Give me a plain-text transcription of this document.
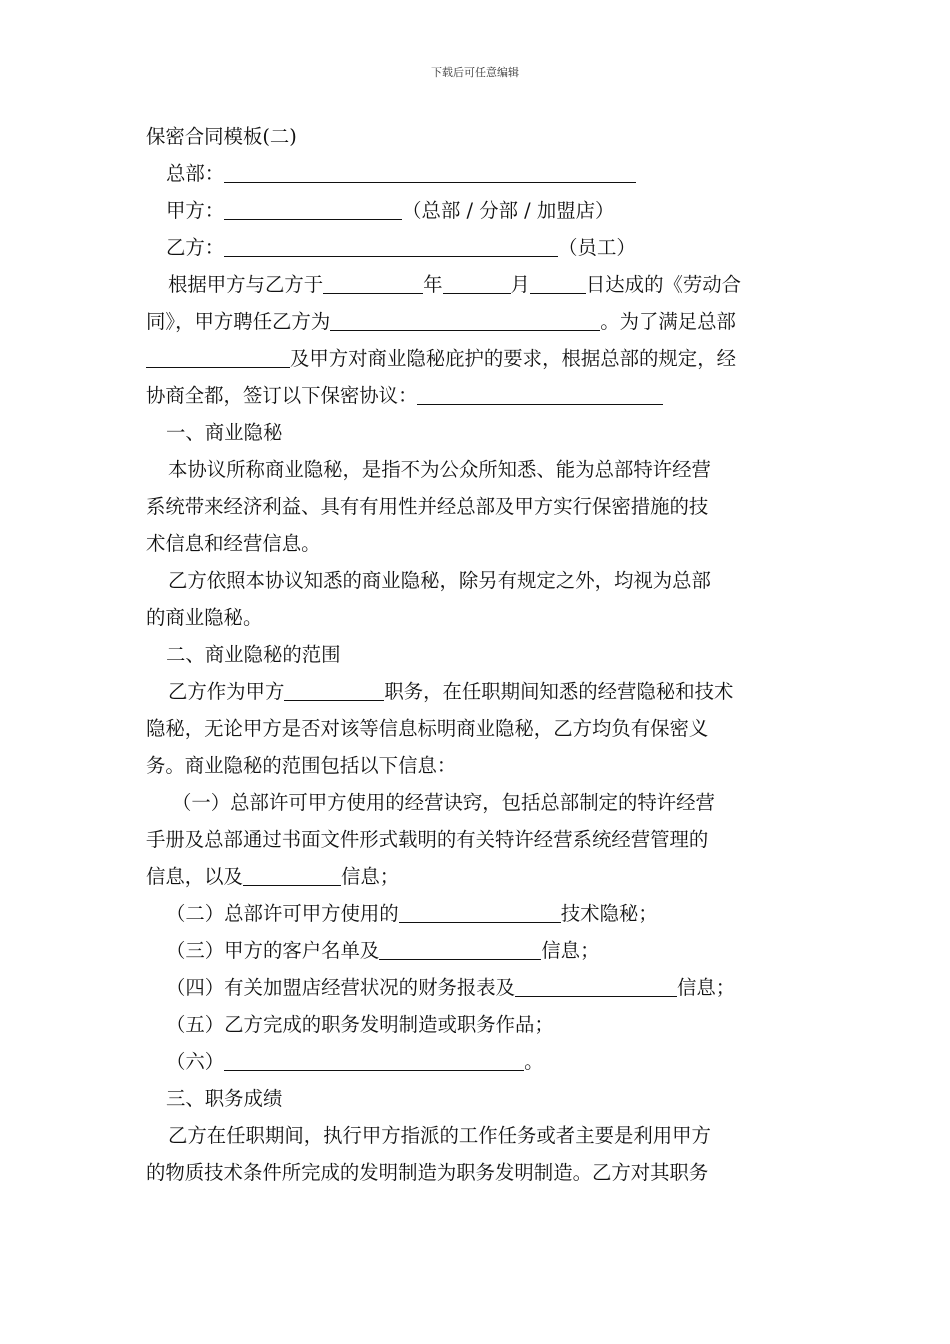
下载后可任意编辑
保密合同模板(二)
总部：
甲方：	（总部 / 分部 / 加盟店）
乙方：	（员工）
根据甲方与乙方于	年	月	日达成的《劳动合
同》，甲方聘任乙方为	。为了满足总部
及甲方对商业隐秘庇护的要求，根据总部的规定，经
协商全都，签订以下保密协议：
一、商业隐秘
本协议所称商业隐秘，是指不为公众所知悉、能为总部特许经营
系统带来经济利益、具有有用性并经总部及甲方实行保密措施的技
术信息和经营信息。
乙方依照本协议知悉的商业隐秘，除另有规定之外，均视为总部
的商业隐秘。
二、商业隐秘的范围
乙方作为甲方	职务，在任职期间知悉的经营隐秘和技术
隐秘，无论甲方是否对该等信息标明商业隐秘，乙方均负有保密义
务。商业隐秘的范围包括以下信息：
（一）总部许可甲方使用的经营诀窍，包括总部制定的特许经营
手册及总部通过书面文件形式载明的有关特许经营系统经营管理的
信息，以及	信息；
（二）总部许可甲方使用的	技术隐秘；
（三）甲方的客户名单及	信息；
（四）有关加盟店经营状况的财务报表及	信息；
（五）乙方完成的职务发明制造或职务作品；
（六）	。
三、职务成绩
乙方在任职期间，执行甲方指派的工作任务或者主要是利用甲方
的物质技术条件所完成的发明制造为职务发明制造。乙方对其职务
